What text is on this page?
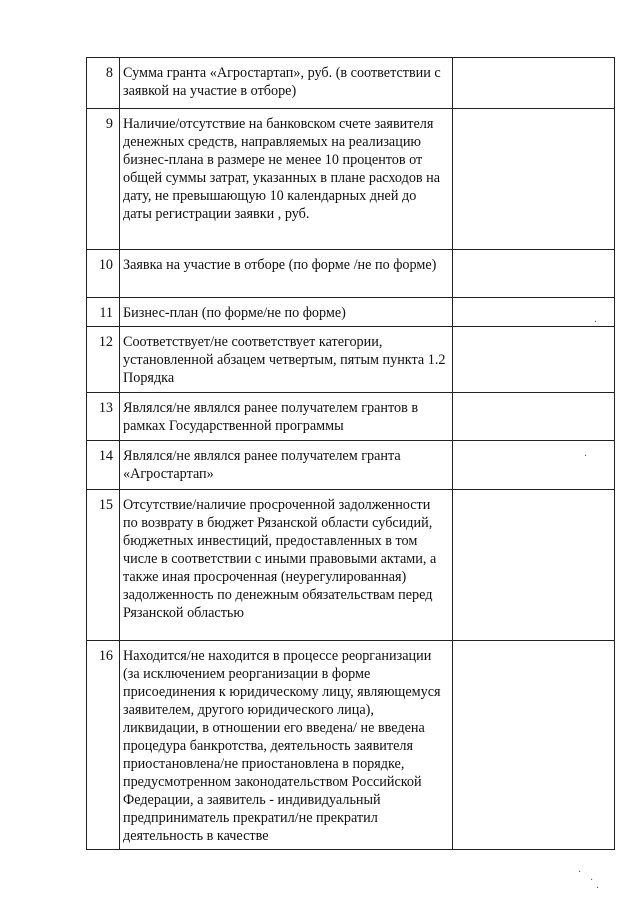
8	Сумма гранта «Агростартап», руб. (в соответствии с заявкой на участие в отборе)	
9	Наличие/отсутствие на банковском счете заявителя денежных средств, направляемых на реализацию бизнес-плана в размере не менее 10 процентов от общей суммы затрат, указанных в плане расходов на дату, не превышающую 10 календарных дней до даты регистрации заявки , руб.	
10	Заявка на участие в отборе (по форме /не по форме)	
11	Бизнес-план (по форме/не по форме)	
12	Соответствует/не соответствует категории, установленной абзацем четвертым, пятым пункта 1.2 Порядка	
13	Являлся/не являлся ранее получателем грантов в рамках Государственной программы	
14	Являлся/не являлся ранее получателем гранта «Агростартап»	
15	Отсутствие/наличие просроченной задолженности по возврату в бюджет Рязанской области субсидий, бюджетных инвестиций, предоставленных в том числе в соответствии с иными правовыми актами, а также иная просроченная (неурегулированная) задолженность по денежным обязательствам перед Рязанской областью	
16	Находится/не находится в процессе реорганизации (за исключением реорганизации в форме присоединения к юридическому лицу, являющемуся заявителем, другого юридического лица), ликвидации, в отношении его введена/ не введена процедура банкротства, деятельность заявителя приостановлена/не приостановлена в порядке, предусмотренном законодательством Российской Федерации, а заявитель - индивидуальный предприниматель прекратил/не прекратил деятельность в качестве	
·
·
·
·
·
